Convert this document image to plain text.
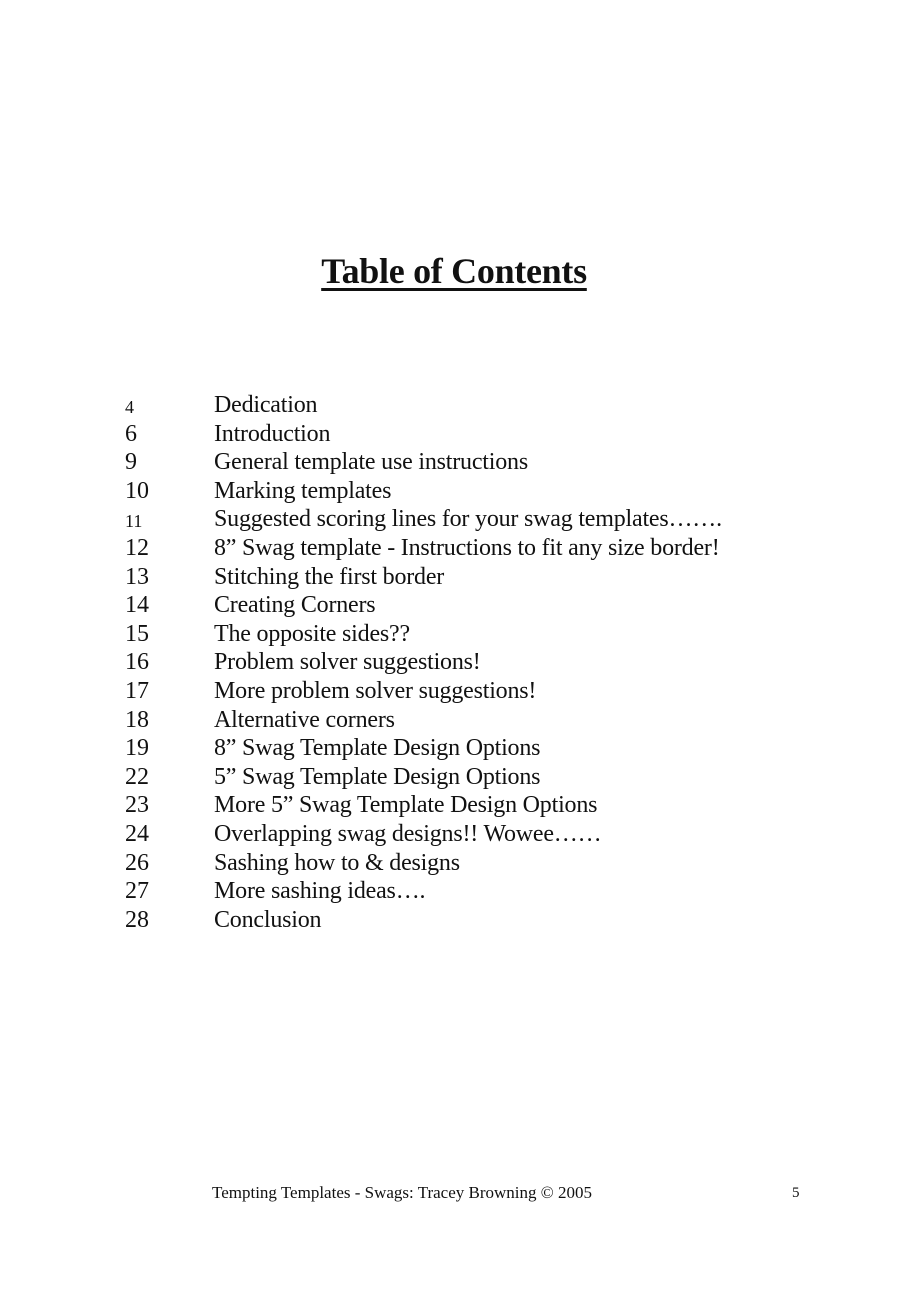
Table of Contents
4	Dedication
6	Introduction
9	General template use instructions
10	Marking templates
11	Suggested scoring lines for your swag templates…….
12	8” Swag template - Instructions to fit any size border!
13	Stitching the first border
14	Creating Corners
15	The opposite sides??
16	Problem solver suggestions!
17	More problem solver suggestions!
18	Alternative corners
19	8” Swag Template Design Options
22	5” Swag Template Design Options
23	More 5” Swag Template Design Options
24	Overlapping swag designs!! Wowee……
26	Sashing how to & designs
27	More sashing ideas….
28	Conclusion
Tempting Templates - Swags: Tracey Browning © 2005	5
